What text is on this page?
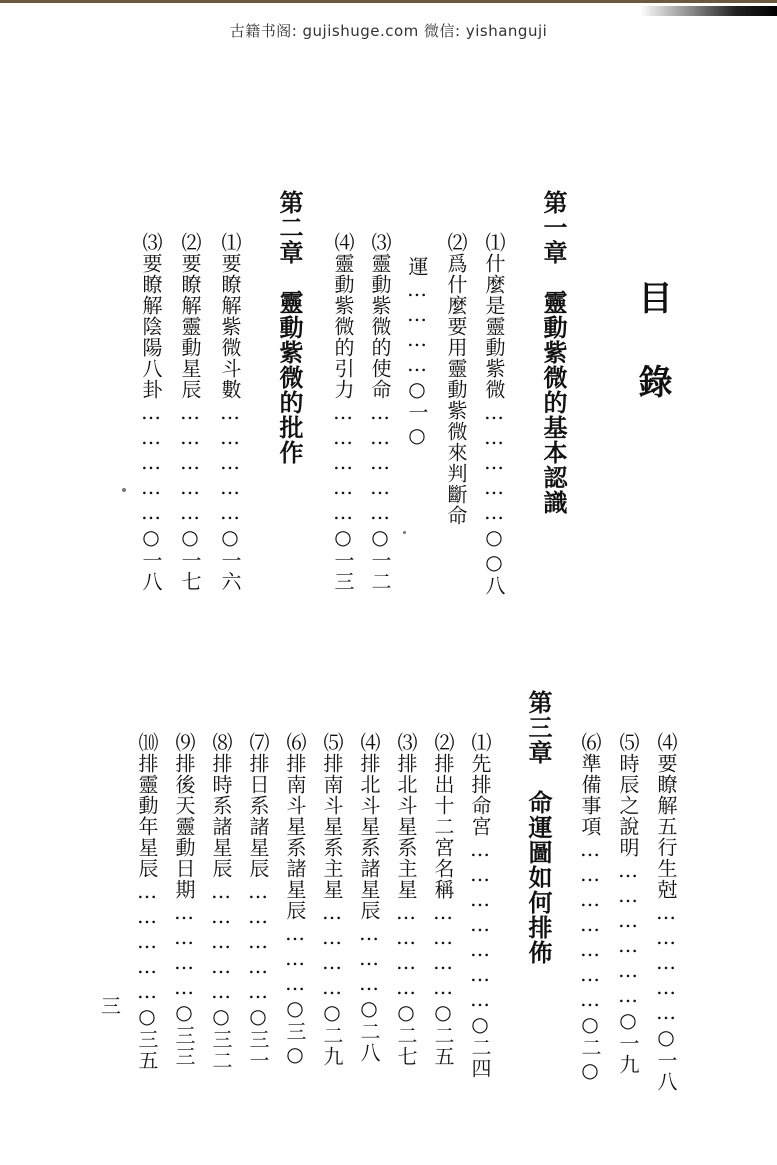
古籍书阁: gujishuge.com 微信: yishanguji
目錄
第一章　靈動紫微的基本認識
⑴什麼是靈動紫微……………○○八
⑵爲什麼要用靈動紫微來判斷命
運…………○一○
⑶靈動紫微的使命……………○一二
⑷靈動紫微的引力……………○一三
第二章　靈動紫微的批作
⑴要瞭解紫微斗數……………○一六
⑵要瞭解靈動星辰……………○一七
⑶要瞭解陰陽八卦……………○一八
⑷要瞭解五行生尅……………○一八
⑸時辰之說明………………○一九
⑹準備事項…………………○二○
第三章　命運圖如何排佈
⑴先排命宮…………………○二四
⑵排出十二宮名稱…………○二五
⑶排北斗星系主星…………○二七
⑷排北斗星系諸星辰………○二八
⑸排南斗星系主星…………○二九
⑹排南斗星系諸星辰………○三○
⑺排日系諸星辰……………○三一
⑻排時系諸星辰……………○三二
⑼排後天靈動日期…………○三三
⑽排靈動年星辰……………○三五
三
